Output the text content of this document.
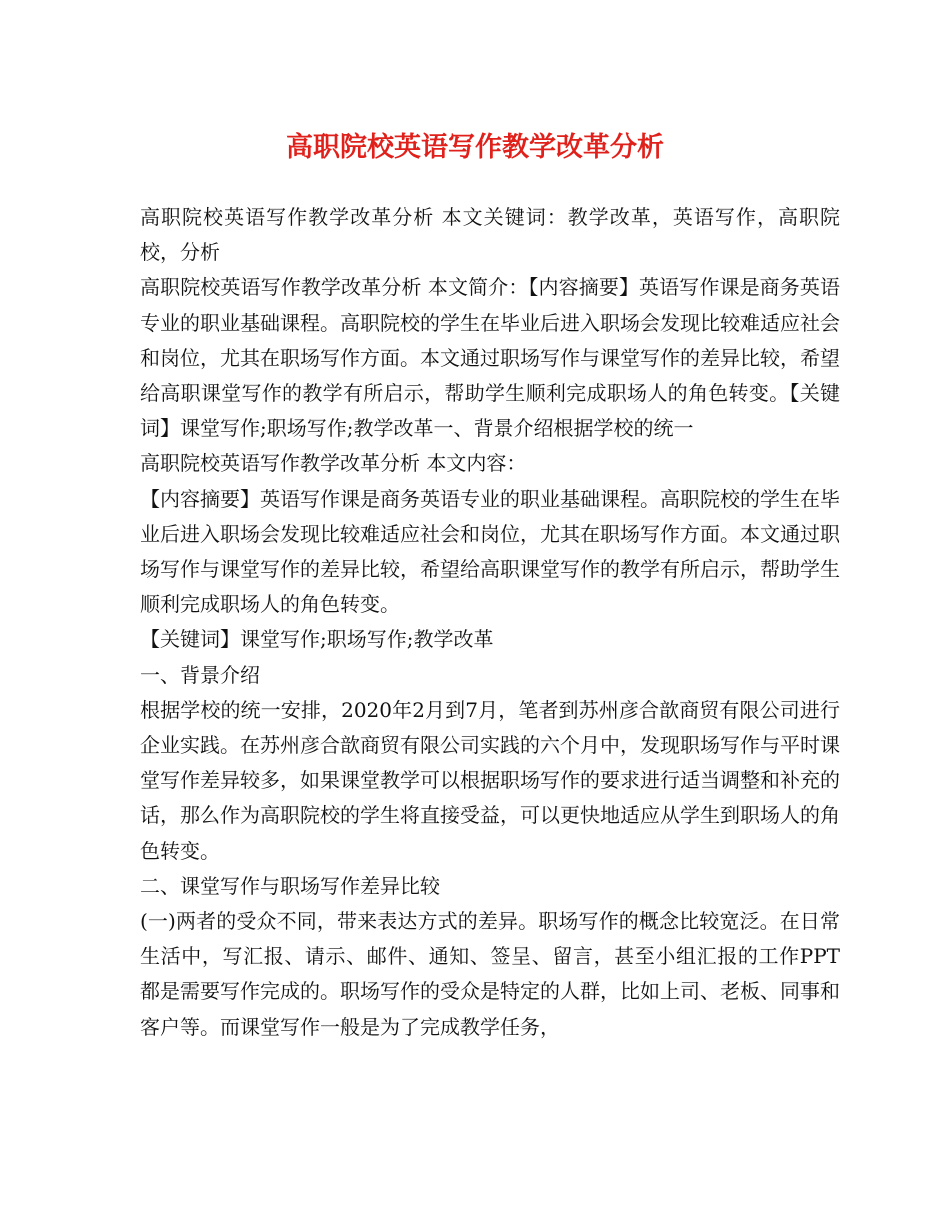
高职院校英语写作教学改革分析

高职院校英语写作教学改革分析 本文关键词：教学改革，英语写作，高职院校，分析

高职院校英语写作教学改革分析 本文简介：【内容摘要】英语写作课是商务英语专业的职业基础课程。高职院校的学生在毕业后进入职场会发现比较难适应社会和岗位，尤其在职场写作方面。本文通过职场写作与课堂写作的差异比较，希望给高职课堂写作的教学有所启示，帮助学生顺利完成职场人的角色转变。【关键词】课堂写作;职场写作;教学改革一、背景介绍根据学校的统一

高职院校英语写作教学改革分析 本文内容：

【内容摘要】英语写作课是商务英语专业的职业基础课程。高职院校的学生在毕业后进入职场会发现比较难适应社会和岗位，尤其在职场写作方面。本文通过职场写作与课堂写作的差异比较，希望给高职课堂写作的教学有所启示，帮助学生顺利完成职场人的角色转变。

【关键词】课堂写作;职场写作;教学改革

一、背景介绍

根据学校的统一安排，2020年2月到7月，笔者到苏州彦合歆商贸有限公司进行企业实践。在苏州彦合歆商贸有限公司实践的六个月中，发现职场写作与平时课堂写作差异较多，如果课堂教学可以根据职场写作的要求进行适当调整和补充的话，那么作为高职院校的学生将直接受益，可以更快地适应从学生到职场人的角色转变。

二、课堂写作与职场写作差异比较

(一)两者的受众不同，带来表达方式的差异。职场写作的概念比较宽泛。在日常生活中，写汇报、请示、邮件、通知、签呈、留言，甚至小组汇报的工作PPT都是需要写作完成的。职场写作的受众是特定的人群，比如上司、老板、同事和客户等。而课堂写作一般是为了完成教学任务，
